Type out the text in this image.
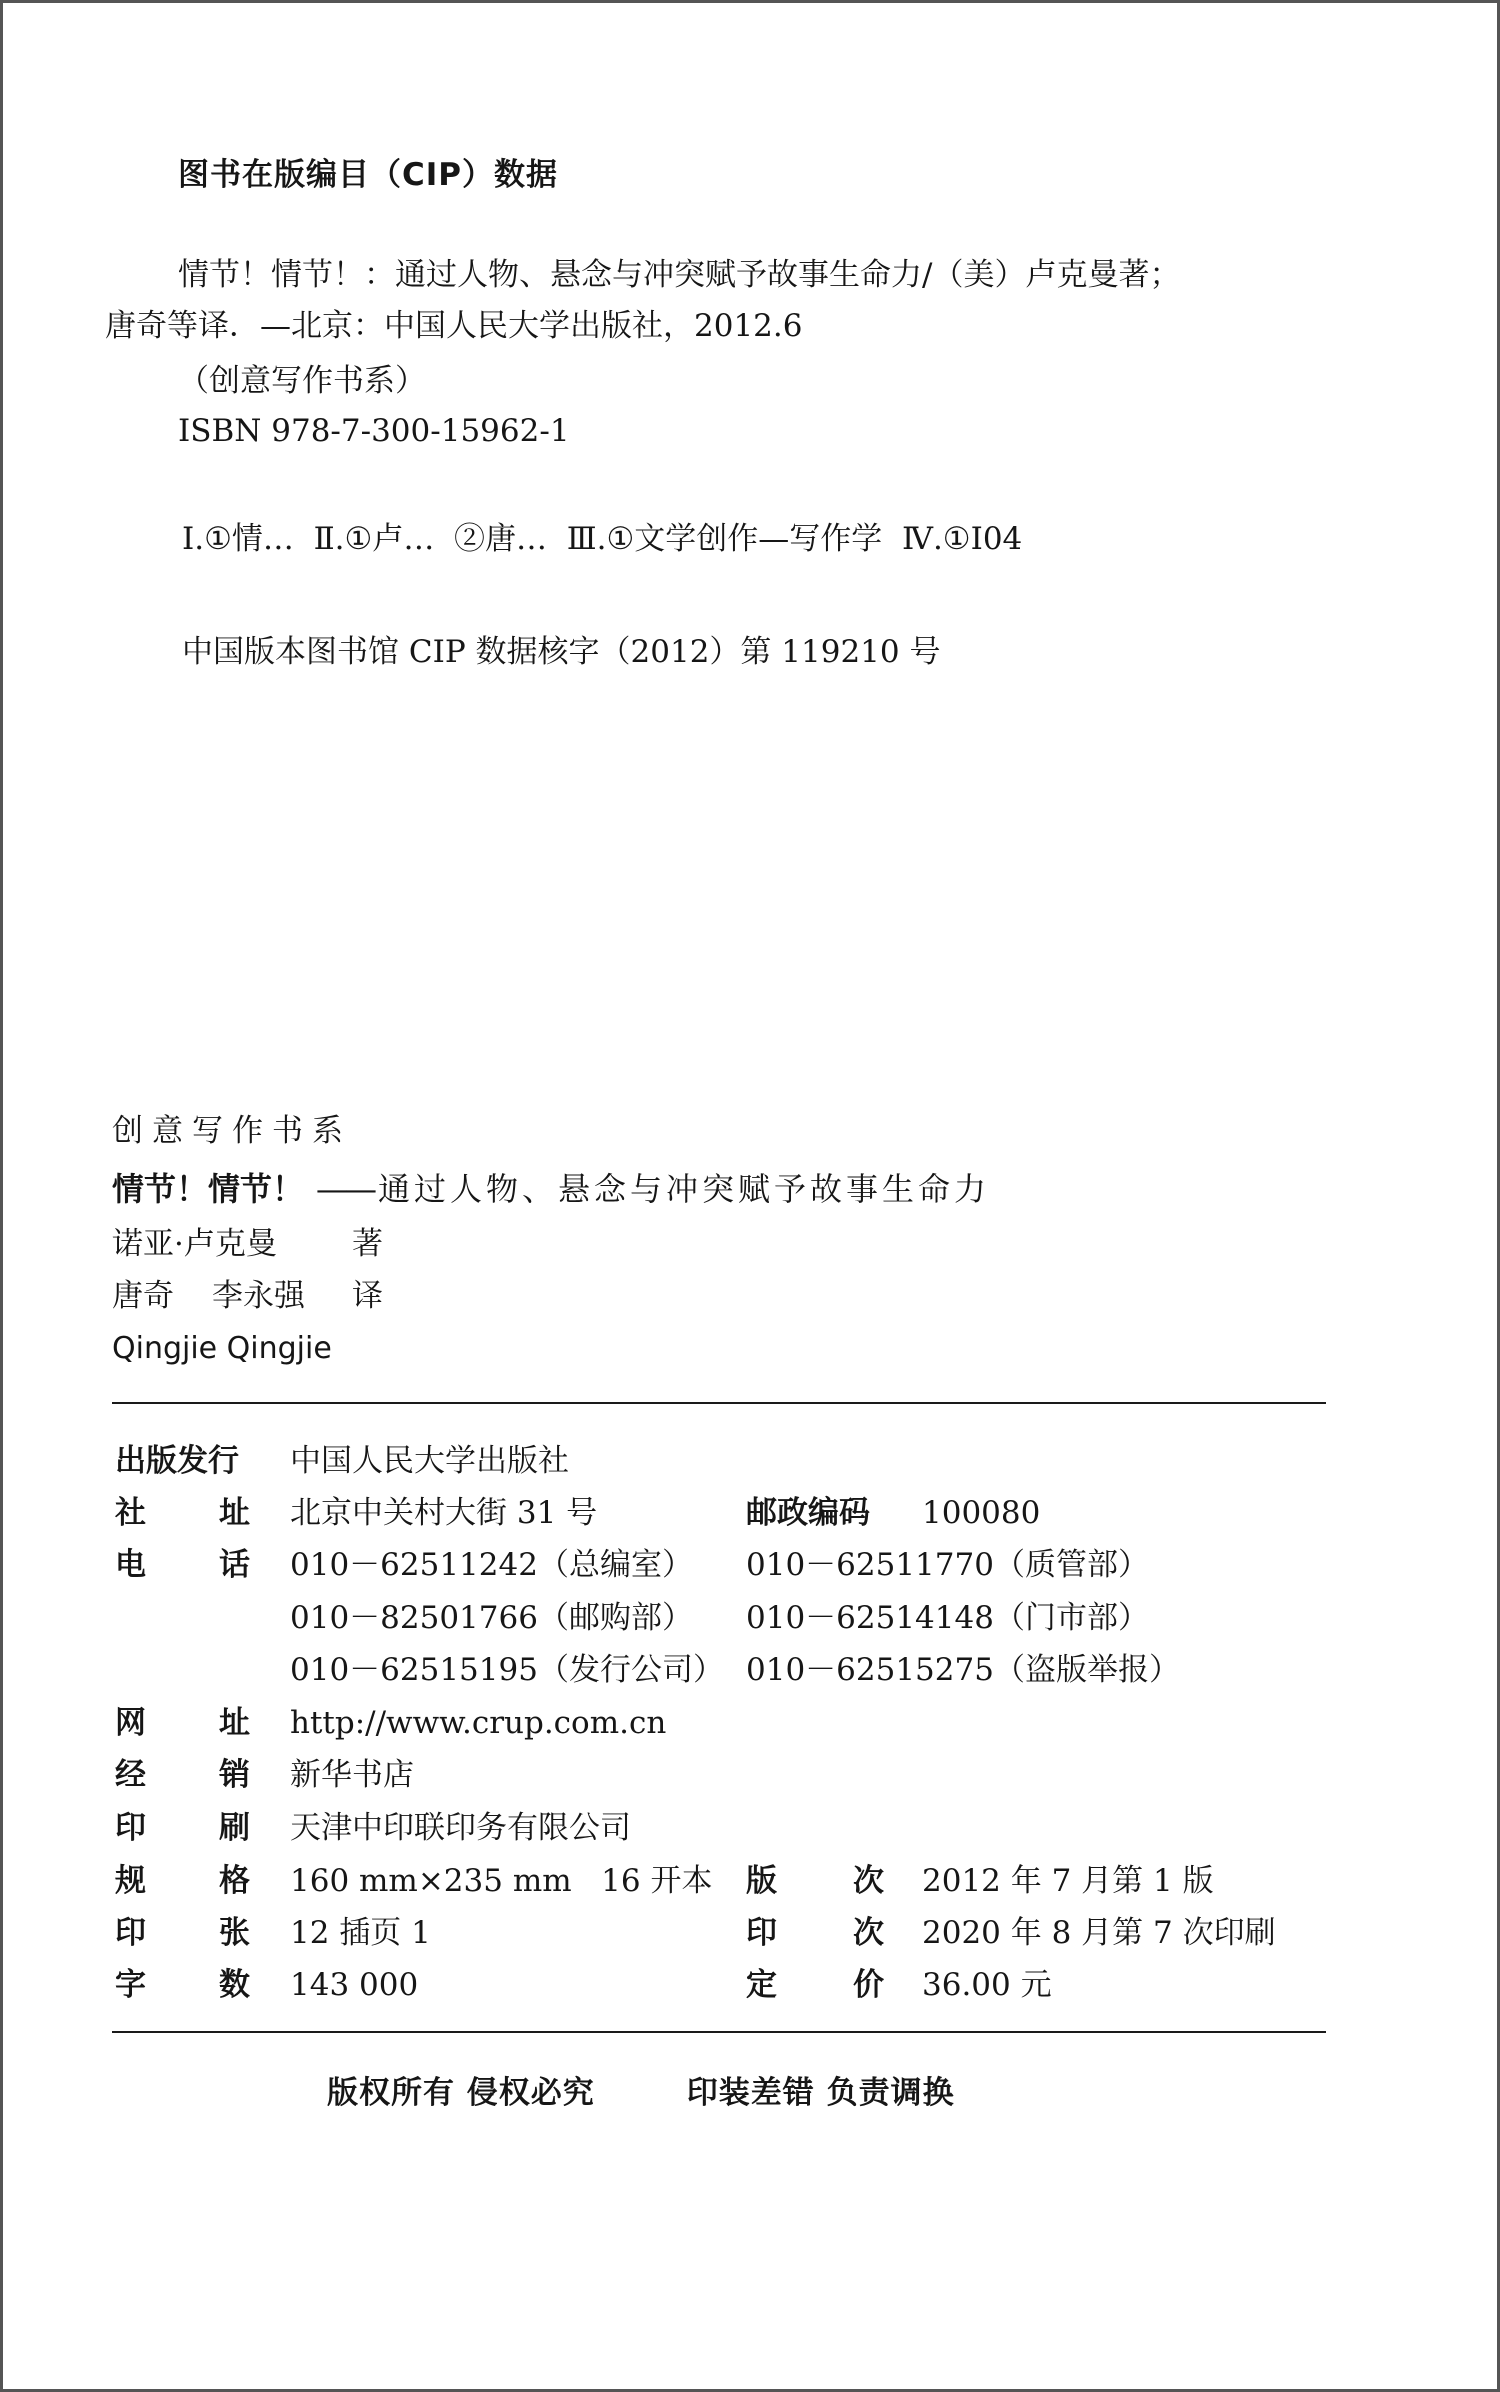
图书在版编目（CIP）数据
情节！情节！：通过人物、悬念与冲突赋予故事生命力/（美）卢克曼著；
唐奇等译．—北京：中国人民大学出版社，2012.6
（创意写作书系）
ISBN 978-7-300-15962-1
Ⅰ.①情…  Ⅱ.①卢…  ②唐…  Ⅲ.①文学创作—写作学  Ⅳ.①I04
中国版本图书馆 CIP 数据核字（2012）第 119210 号
创意写作书系
情节！情节！ —— 通过人物、悬念与冲突赋予故事生命力
诺亚·卢克曼 著
唐奇 李永强 译
Qingjie Qingjie
出版发行 中国人民大学出版社
社 址 北京中关村大街 31 号	邮政编码 100080
电 话 010－62511242（总编室） 010－62511770（质管部）
010－82501766（邮购部） 010－62514148（门市部）
010－62515195（发行公司） 010－62515275（盗版举报）
网 址 http://www.crup.com.cn
经 销 新华书店
印 刷 天津中印联印务有限公司
规 格 160 mm×235 mm   16 开本 版 次 2012 年 7 月第 1 版
印 张 12 插页 1	印 次 2020 年 8 月第 7 次印刷
字 数 143 000	定 价 36.00 元
版权所有 侵权必究	印装差错 负责调换
